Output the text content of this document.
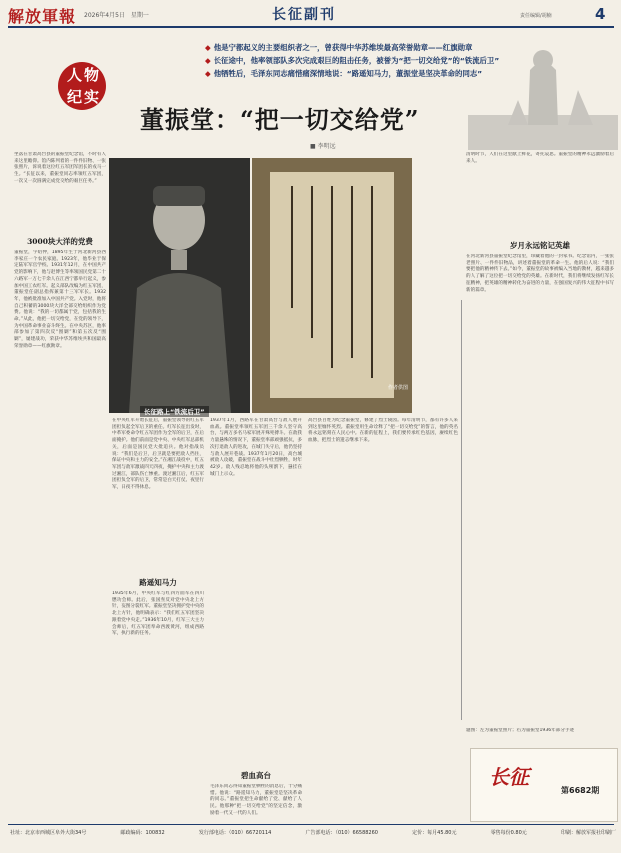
解放軍報 2026年4月5日　星期一	长征副刊	责任编辑/胡楠	4
人物纪实
◆ 他是宁都起义的主要组织者之一，曾获得中华苏维埃最高荣誉勋章——红旗勋章
◆ 长征途中，他率领部队多次完成艰巨的阻击任务，被誉为“把一切交给党”的“铁流后卫”
◆ 他牺牲后，毛泽东同志痛惜痛深情地说：“路遥知马力，董振堂是坚决革命的同志”
董振堂：“把一切交给党”
■ 李明远
长征路上“铁流后卫”
作者供图
坐落在甘肃高台县的董振堂纪念馆，不时有人来这里瞻仰。馆内陈列着的一件件旧物、一张张照片，诉说着这位红五军团军团长的戎马一生。“长征以来，董振堂同志率领红五军团，一次又一次圆满完成党交给的艰巨任务。”
3000块大洋的党费
董振堂，字绍仲，1895年生于河北新河县西李家庄一个农民家庭。1923年，他毕业于保定陆军军官学校。1931年12月，在中国共产党的影响下，他与赵博生等率领国民党第二十六路军一万七千余人在江西宁都举行起义，参加中国工农红军。起义部队改编为红五军团，董振堂任副总指挥兼第十三军军长。1932年，他被批准加入中国共产党。入党时，他将自己积蓄的3000块大洋全部交给组织作为党费。他说：“我的一切都属于党，包括我的生命。”从此，他把一切交给党，在党的领导下，为中国革命事业奋斗终生。在中央苏区，他率部参加了第四次反“围剿”和第五次反“围剿”，屡建战功，荣获中华苏维埃共和国最高荣誉勋章——红旗勋章。
在中央红军开始长征后，董振堂领导的红五军团担负起全军后卫的重任。红军长征出发时，中革军委命令红五军团作为全军的后卫，在后面掩护。他们前面是党中央、中央红军总部机关，后面是国民党大批追兵。他对指战员说：“我们是后卫，后卫就是要把敌人挡住，保证中央和主力的安全。”在湘江战役中，红五军团与敌军激战四天四夜，掩护中央和主力渡过湘江，部队伤亡惨重。渡过湘江后，红五军团担负全军的后卫，常常是白天打仗、夜里行军，日夜不得休息。
路遥知马力
1935年6月，中央红军与红四方面军在四川懋功会师。此后，张国焘反对党中央北上方针，妄图分裂红军。董振堂坚决拥护党中央的北上方针，他明确表示：“我们红五军团坚决跟着党中央走。”1936年10月，红军三大主力会师后，红五军团奉命西渡黄河，组成西路军，执行新的任务。
1937年1月，西路军在甘肃高台与敌人展开血战。董振堂率领红五军团三千余人坚守高台，与两万多名马家军展开殊死搏斗。在敌我力量悬殊的情况下，董振堂率部顽强抵抗，多次打退敌人的进攻，在城门失守后，他仍坚持与敌人展开巷战。1937年1月20日，高台城被敌人攻破，董振堂在战斗中壮烈牺牲，时年42岁。敌人残忍地将他的头颅割下，悬挂在城门上示众。
碧血高台
毛泽东同志得知董振堂牺牲的消息后，十分痛惜。他说：“路遥知马力，董振堂是坚决革命的同志。”董振堂把生命献给了党、献给了人民。他那种“把一切交给党”的坚定信念，激励着一代又一代的人们。
高台县百姓为纪念董振堂，修建了烈士陵园。每年清明节，都有许多人来到这里缅怀英烈。董振堂用生命诠释了“把一切交给党”的誓言，他的英名将永远铭刻在人民心中。在新的征程上，我们要传承红色基因，赓续红色血脉，把烈士的遗志继承下来。
清明时节，人们在这里献上鲜花，寄托哀思。董振堂的精神永远激励着后来人。
岁月永远铭记英雄
在河北新河县董振堂纪念馆里，珍藏着他的一封家书。纪念馆内，一张张老照片、一件件旧物品，讲述着董振堂的革命一生。他的后人说：“我们要把他的精神传下去。”如今，董振堂的故事被编入当地的教材，越来越多的人了解了这位把一切交给党的英雄。在新时代，我们将继续发扬红军长征精神，把英雄的精神转化为奋进的力量，在强国复兴的伟大征程中书写新的篇章。
题图：左为董振堂照片；右为董振堂1936年部分手迹
长征
第6682期
社址：北京市西城区阜外大街34号	邮政编码：100832	发行部电话：（010）66720114	广告部电话：（010）66588260	定价：每月45.80元	零售每份0.80元	印刷：解放军报社印刷厂
